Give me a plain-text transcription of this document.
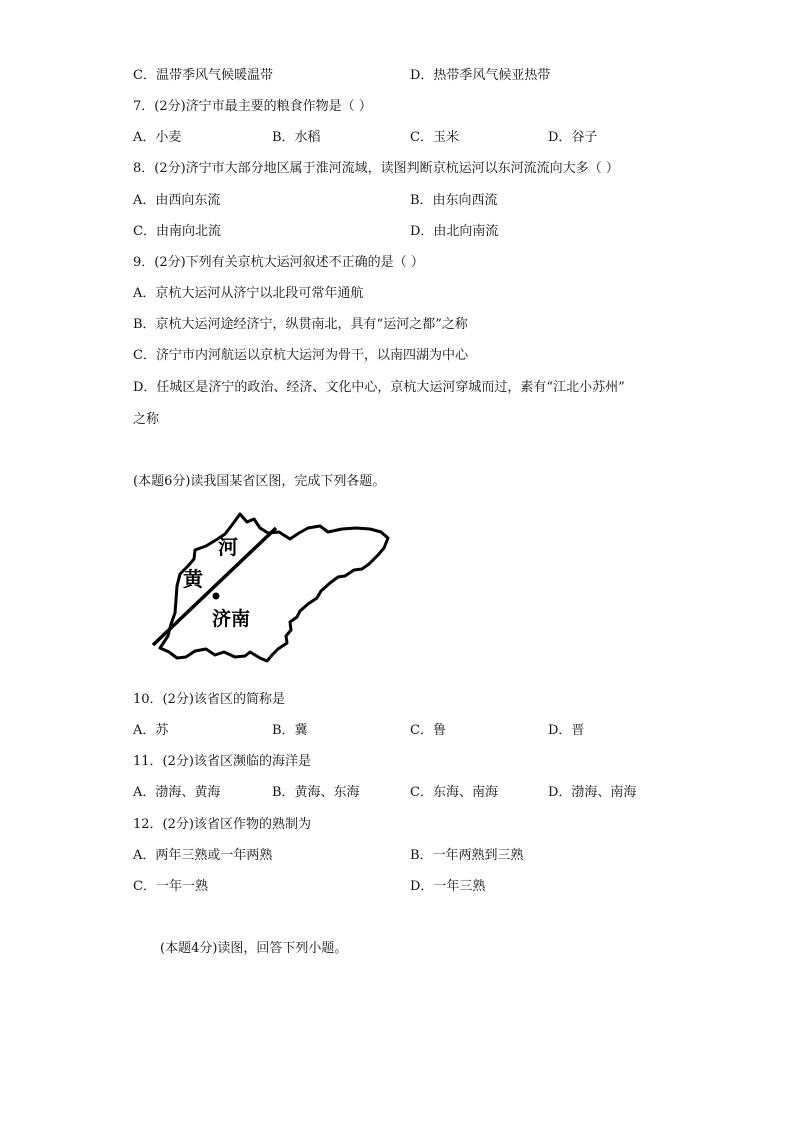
C．温带季风气候暖温带	D．热带季风气候亚热带
7．(2分)济宁市最主要的粮食作物是（ ）
A．小麦	B．水稻	C．玉米	D．谷子
8．(2分)济宁市大部分地区属于淮河流域，读图判断京杭运河以东河流流向大多（ ）
A．由西向东流	B．由东向西流
C．由南向北流	D．由北向南流
9．(2分)下列有关京杭大运河叙述不正确的是（ ）
A．京杭大运河从济宁以北段可常年通航
B．京杭大运河途经济宁，纵贯南北，具有“运河之都”之称
C．济宁市内河航运以京杭大运河为骨干，以南四湖为中心
D．任城区是济宁的政治、经济、文化中心，京杭大运河穿城而过，素有“江北小苏州”
之称
(本题6分)读我国某省区图，完成下列各题。
河
黄
济南
10．(2分)该省区的简称是
A．苏	B．冀	C．鲁	D．晋
11．(2分)该省区濒临的海洋是
A．渤海、黄海	B．黄海、东海	C．东海、南海	D．渤海、南海
12．(2分)该省区作物的熟制为
A．两年三熟或一年两熟	B．一年两熟到三熟
C．一年一熟	D．一年三熟
(本题4分)读图，回答下列小题。
